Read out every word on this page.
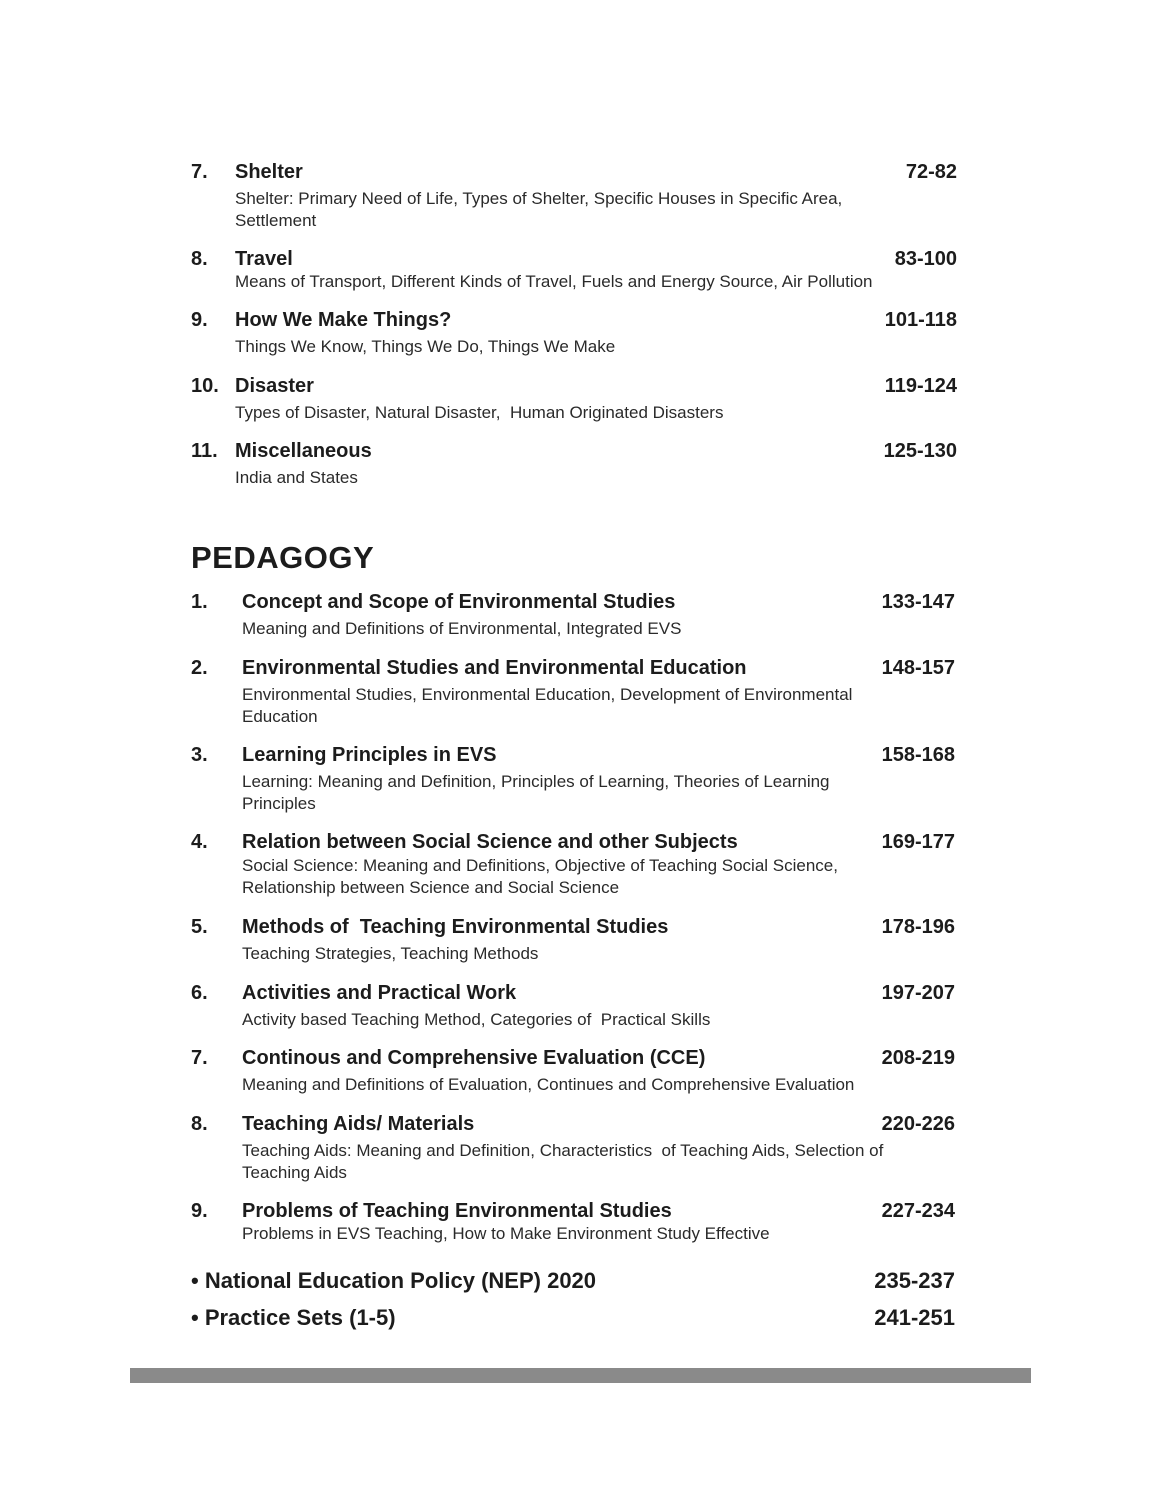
7. Shelter	72-82
Shelter: Primary Need of Life, Types of Shelter, Specific Houses in Specific Area, Settlement
8. Travel	83-100
Means of Transport, Different Kinds of Travel, Fuels and Energy Source, Air Pollution
9. How We Make Things?	101-118
Things We Know, Things We Do, Things We Make
10. Disaster	119-124
Types of Disaster, Natural Disaster,  Human Originated Disasters
11. Miscellaneous	125-130
India and States
PEDAGOGY
1. Concept and Scope of Environmental Studies	133-147
Meaning and Definitions of Environmental, Integrated EVS
2. Environmental Studies and Environmental Education	148-157
Environmental Studies, Environmental Education, Development of Environmental Education
3. Learning Principles in EVS	158-168
Learning: Meaning and Definition, Principles of Learning, Theories of Learning Principles
4. Relation between Social Science and other Subjects	169-177
Social Science: Meaning and Definitions, Objective of Teaching Social Science, Relationship between Science and Social Science
5. Methods of  Teaching Environmental Studies	178-196
Teaching Strategies, Teaching Methods
6. Activities and Practical Work	197-207
Activity based Teaching Method, Categories of  Practical Skills
7. Continous and Comprehensive Evaluation (CCE)	208-219
Meaning and Definitions of Evaluation, Continues and Comprehensive Evaluation
8. Teaching Aids/ Materials	220-226
Teaching Aids: Meaning and Definition, Characteristics  of Teaching Aids, Selection of Teaching Aids
9. Problems of Teaching Environmental Studies	227-234
Problems in EVS Teaching, How to Make Environment Study Effective
• National Education Policy (NEP) 2020	235-237
• Practice Sets (1-5)	241-251
